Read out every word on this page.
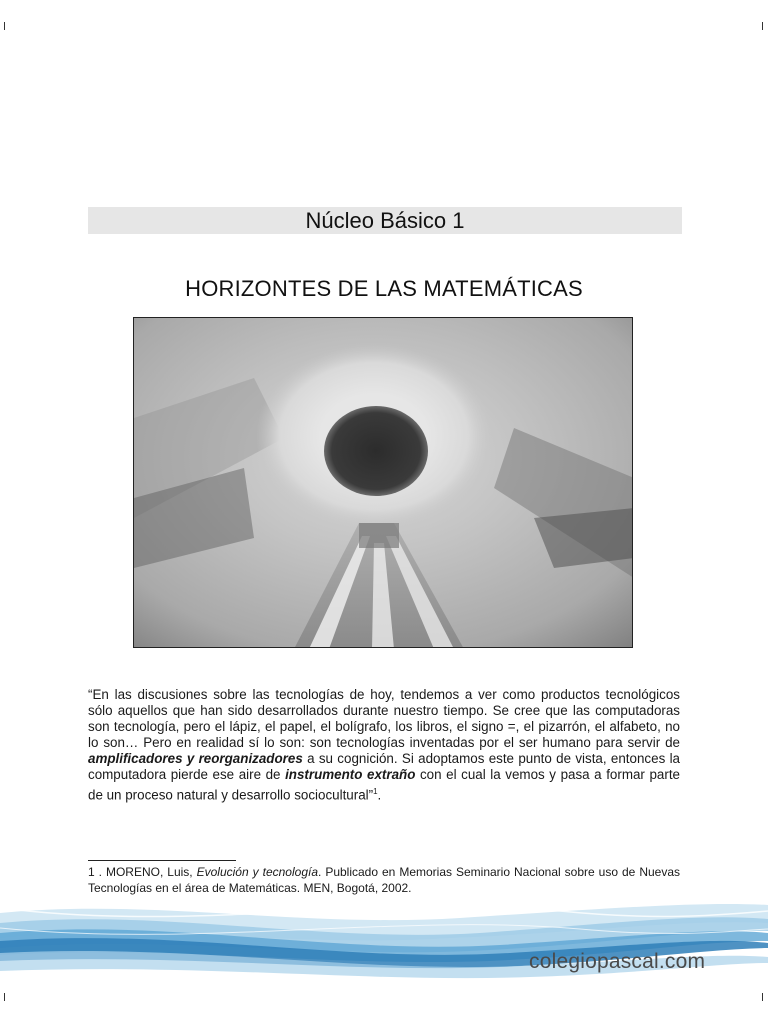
Núcleo Básico 1
HORIZONTES DE LAS MATEMÁTICAS
“En las discusiones sobre las tecnologías de hoy, tendemos a ver como productos tecnológicos sólo aquellos que han sido desarrollados durante nuestro tiempo. Se cree que las computadoras son tecnología, pero el lápiz, el papel, el bolígrafo, los libros, el signo =, el pizarrón, el alfabeto, no lo son… Pero en realidad sí lo son: son tecnologías inventadas por el ser humano para servir de amplificadores y reorganizadores a su cognición. Si adoptamos este punto de vista, entonces la computadora pierde ese aire de instrumento extraño con el cual la vemos y pasa a formar parte de un proceso natural y desarrollo sociocultural”$^1$.
1 . MORENO, Luis, Evolución y tecnología. Publicado en Memorias Seminario Nacional sobre uso de Nuevas Tecnologías en el área de Matemáticas. MEN, Bogotá, 2002.
colegiopascal.com
